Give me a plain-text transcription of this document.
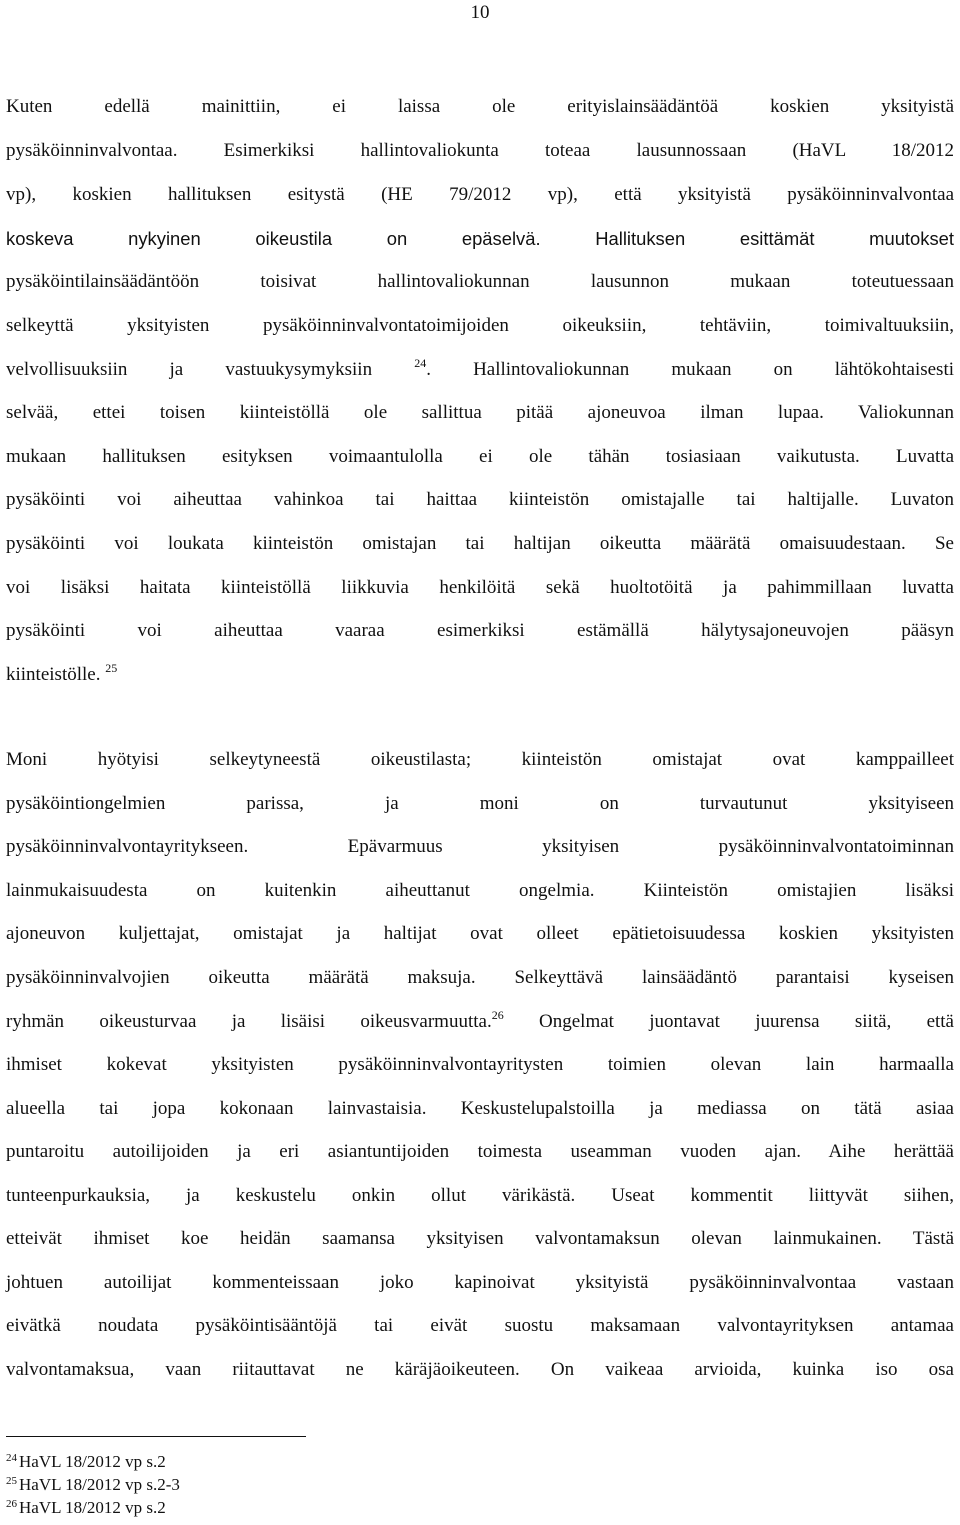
10
Kuten edellä mainittiin, ei laissa ole erityislainsäädäntöä koskien yksityistä
pysäköinninvalvontaa. Esimerkiksi hallintovaliokunta toteaa lausunnossaan (HaVL 18/2012
vp), koskien hallituksen esitystä (HE 79/2012 vp), että yksityistä pysäköinninvalvontaa
koskeva nykyinen oikeustila on epäselvä. Hallituksen esittämät muutokset
pysäköintilainsäädäntöön toisivat hallintovaliokunnan lausunnon mukaan toteutuessaan
selkeyttä yksityisten pysäköinninvalvontatoimijoiden oikeuksiin, tehtäviin, toimivaltuuksiin,
velvollisuuksiin ja vastuukysymyksiin	$^{24}$. Hallintovaliokunnan mukaan on lähtökohtaisesti
selvää, ettei toisen kiinteistöllä ole sallittua pitää ajoneuvoa ilman lupaa. Valiokunnan
mukaan hallituksen esityksen voimaantulolla ei ole tähän tosiasiaan vaikutusta. Luvatta
pysäköinti voi aiheuttaa vahinkoa tai haittaa kiinteistön omistajalle tai haltijalle. Luvaton
pysäköinti voi loukata kiinteistön omistajan tai haltijan oikeutta määrätä omaisuudestaan. Se
voi lisäksi haitata kiinteistöllä liikkuvia henkilöitä sekä huoltotöitä ja pahimmillaan luvatta
pysäköinti voi aiheuttaa vaaraa esimerkiksi estämällä hälytysajoneuvojen pääsyn
kiinteistölle. $^{25}$
Moni hyötyisi selkeytyneestä oikeustilasta; kiinteistön omistajat ovat kamppailleet
pysäköintiongelmien parissa, ja moni on turvautunut yksityiseen
pysäköinninvalvontayritykseen. Epävarmuus yksityisen pysäköinninvalvontatoiminnan
lainmukaisuudesta on kuitenkin aiheuttanut ongelmia. Kiinteistön omistajien lisäksi
ajoneuvon kuljettajat, omistajat ja haltijat ovat olleet epätietoisuudessa koskien yksityisten
pysäköinninvalvojien oikeutta määrätä maksuja. Selkeyttävä lainsäädäntö parantaisi kyseisen
ryhmän oikeusturvaa ja lisäisi oikeusvarmuutta.$^{26}$ Ongelmat juontavat juurensa siitä, että
ihmiset kokevat yksityisten pysäköinninvalvontayritysten toimien olevan lain harmaalla
alueella tai jopa kokonaan lainvastaisia. Keskustelupalstoilla ja mediassa on tätä asiaa
puntaroitu autoilijoiden ja eri asiantuntijoiden toimesta useamman vuoden ajan. Aihe herättää
tunteenpurkauksia, ja keskustelu onkin ollut värikästä. Useat kommentit liittyvät siihen,
etteivät ihmiset koe heidän saamansa yksityisen valvontamaksun olevan lainmukainen. Tästä
johtuen autoilijat kommenteissaan joko kapinoivat yksityistä pysäköinninvalvontaa vastaan
eivätkä noudata pysäköintisääntöjä tai eivät suostu maksamaan valvontayrityksen antamaa
valvontamaksua, vaan riitauttavat ne käräjäoikeuteen. On vaikeaa arvioida, kuinka iso osa
$^{24}$ HaVL 18/2012 vp s.2
$^{25}$ HaVL 18/2012 vp s.2-3
$^{26}$ HaVL 18/2012 vp s.2
